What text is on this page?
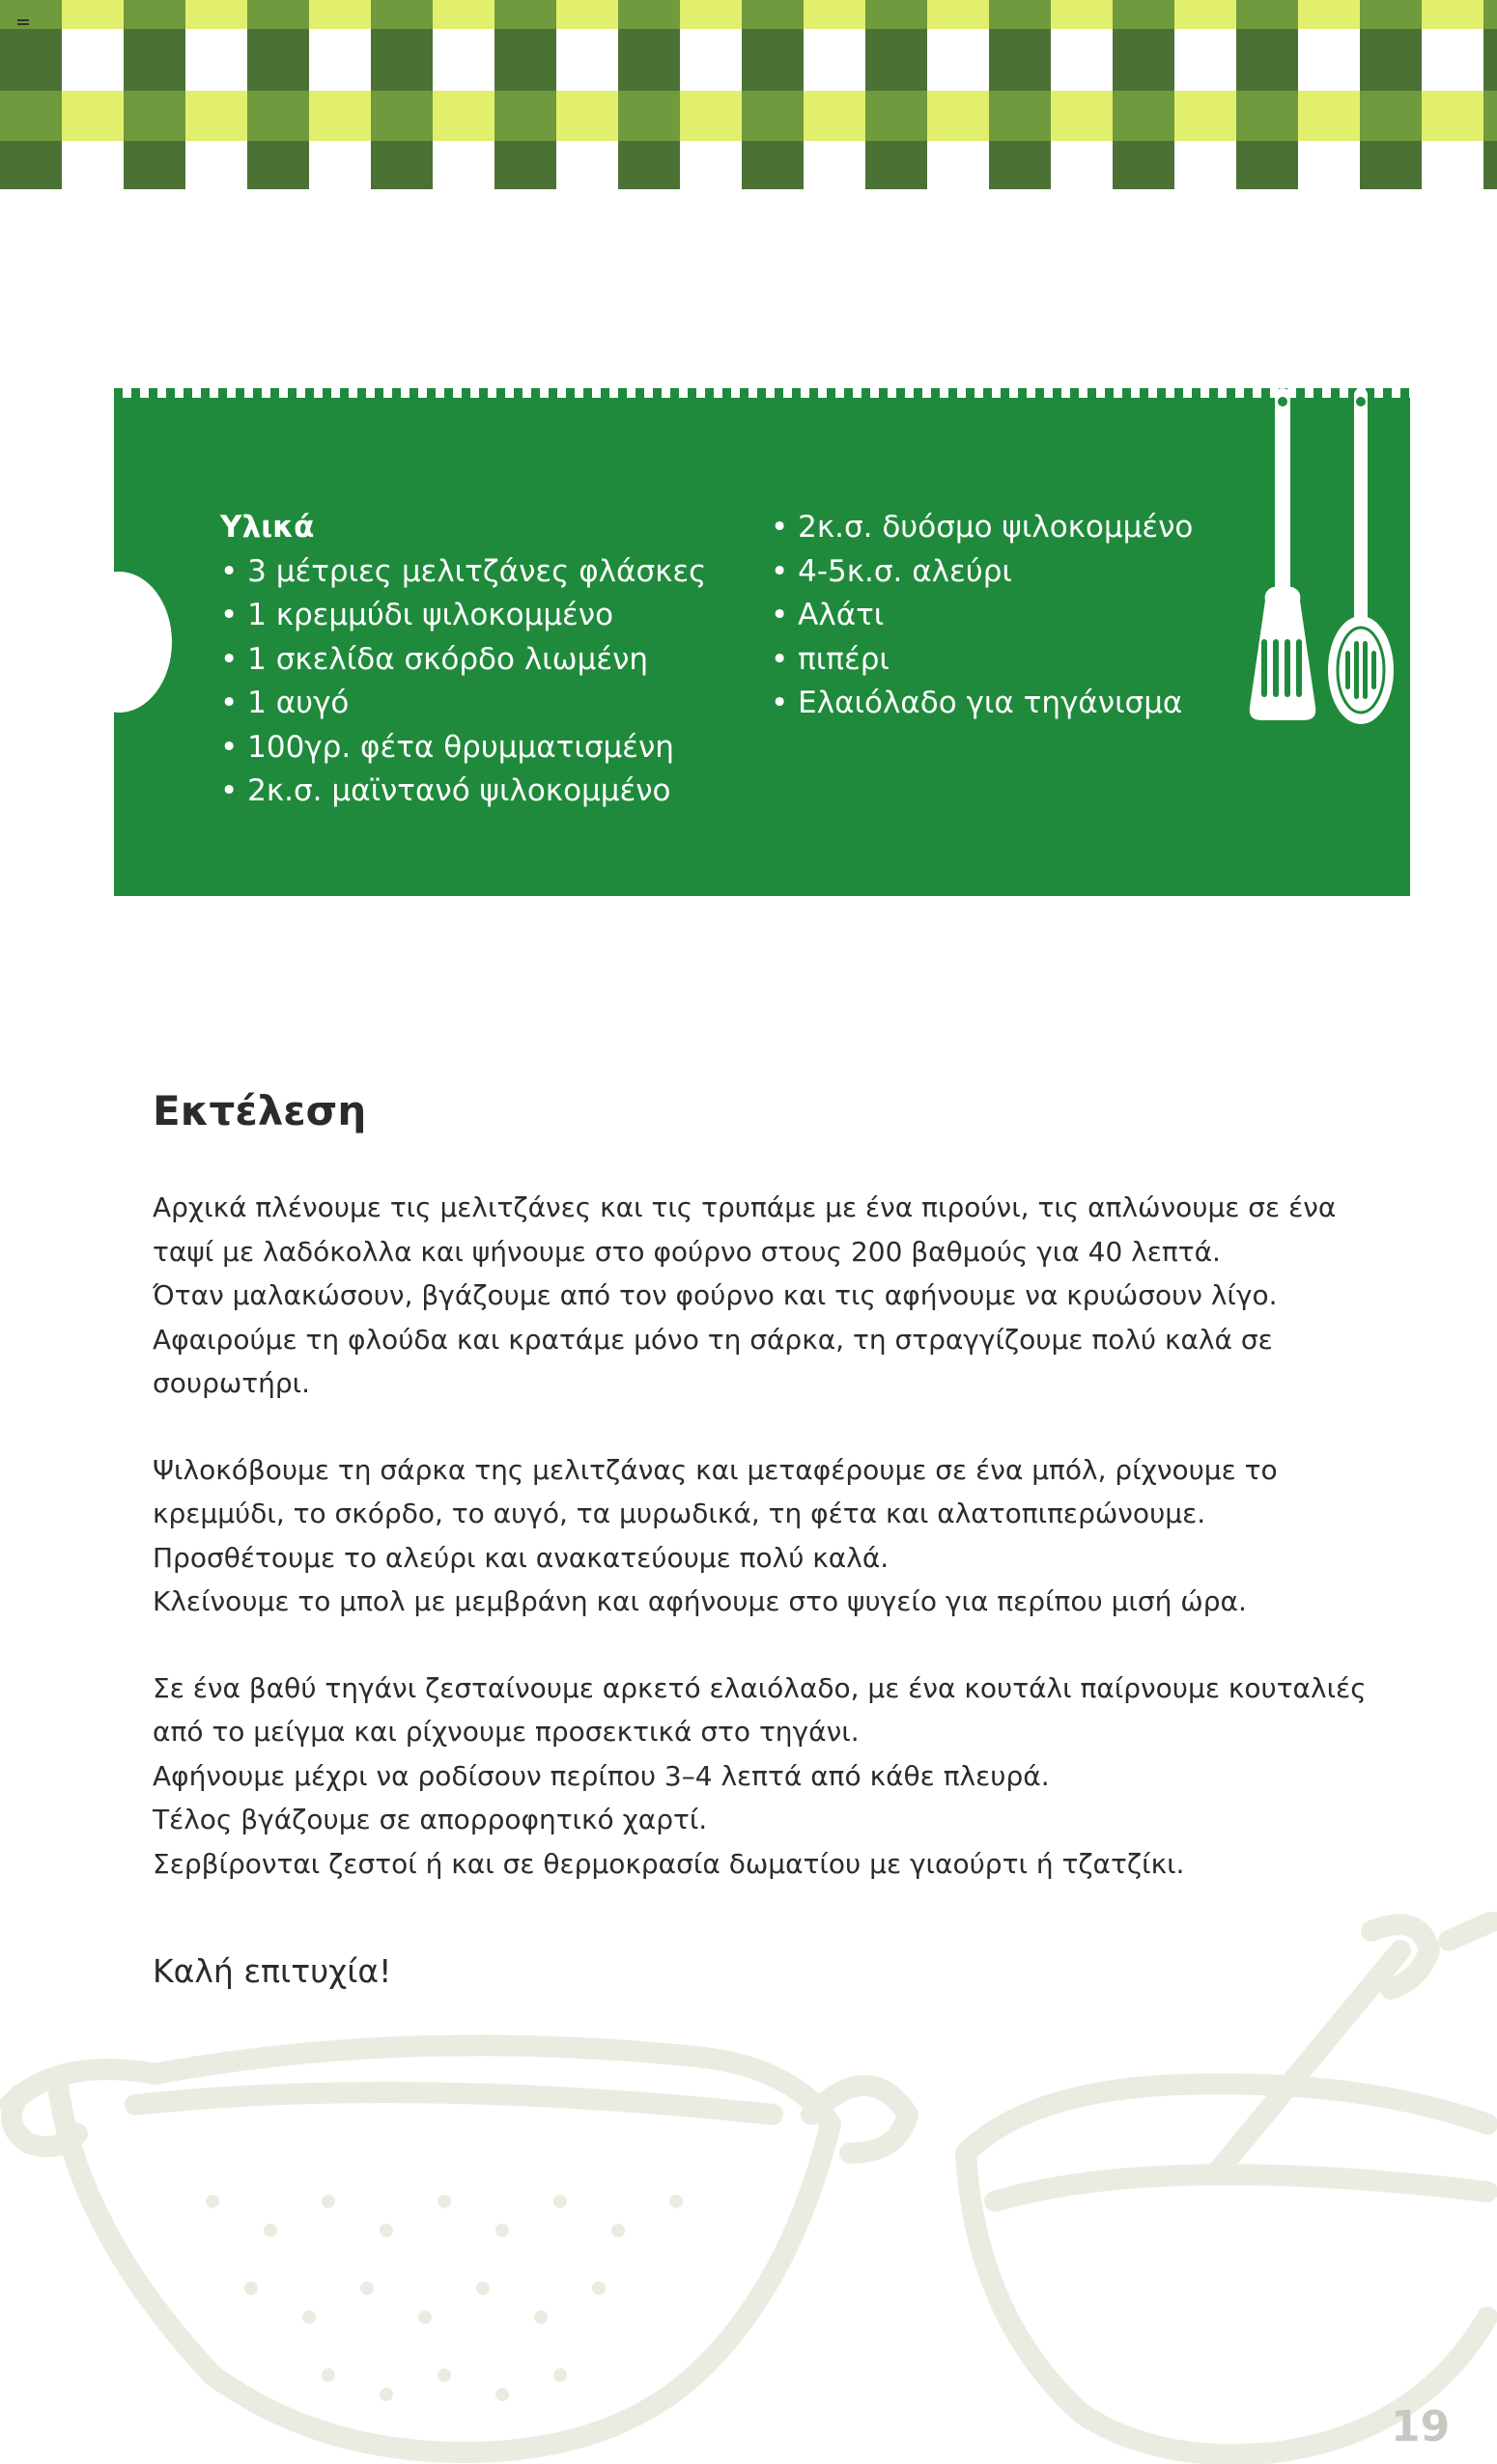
Υλικά
• 3 μέτριες μελιτζάνες φλάσκες
• 1 κρεμμύδι ψιλοκομμένο
• 1 σκελίδα σκόρδο λιωμένη
• 1 αυγό
• 100γρ. φέτα θρυμματισμένη
• 2κ.σ. μαϊντανό ψιλοκομμένο
• 2κ.σ. δυόσμο ψιλοκομμένο
• 4-5κ.σ. αλεύρι
• Αλάτι
• πιπέρι
• Ελαιόλαδο για τηγάνισμα
Εκτέλεση

Αρχικά πλένουμε τις μελιτζάνες και τις τρυπάμε με ένα πιρούνι, τις απλώνουμε σε ένα
ταψί με λαδόκολλα και ψήνουμε στο φούρνο στους 200 βαθμούς για 40 λεπτά.
Όταν μαλακώσουν, βγάζουμε από τον φούρνο και τις αφήνουμε να κρυώσουν λίγο.
Αφαιρούμε τη φλούδα και κρατάμε μόνο τη σάρκα, τη στραγγίζουμε πολύ καλά σε
σουρωτήρι.

Ψιλοκόβουμε τη σάρκα της μελιτζάνας και μεταφέρουμε σε ένα μπόλ, ρίχνουμε το
κρεμμύδι, το σκόρδο, το αυγό, τα μυρωδικά, τη φέτα και αλατοπιπερώνουμε.
Προσθέτουμε το αλεύρι και ανακατεύουμε πολύ καλά.
Κλείνουμε το μπολ με μεμβράνη και αφήνουμε στο ψυγείο για περίπου μισή ώρα.

Σε ένα βαθύ τηγάνι ζεσταίνουμε αρκετό ελαιόλαδο, με ένα κουτάλι παίρνουμε κουταλιές
από το μείγμα και ρίχνουμε προσεκτικά στο τηγάνι.
Αφήνουμε μέχρι να ροδίσουν περίπου 3–4 λεπτά από κάθε πλευρά.
Τέλος βγάζουμε σε απορροφητικό χαρτί.
Σερβίρονται ζεστοί ή και σε θερμοκρασία δωματίου με γιαούρτι ή τζατζίκι.

Καλή επιτυχία!
19
